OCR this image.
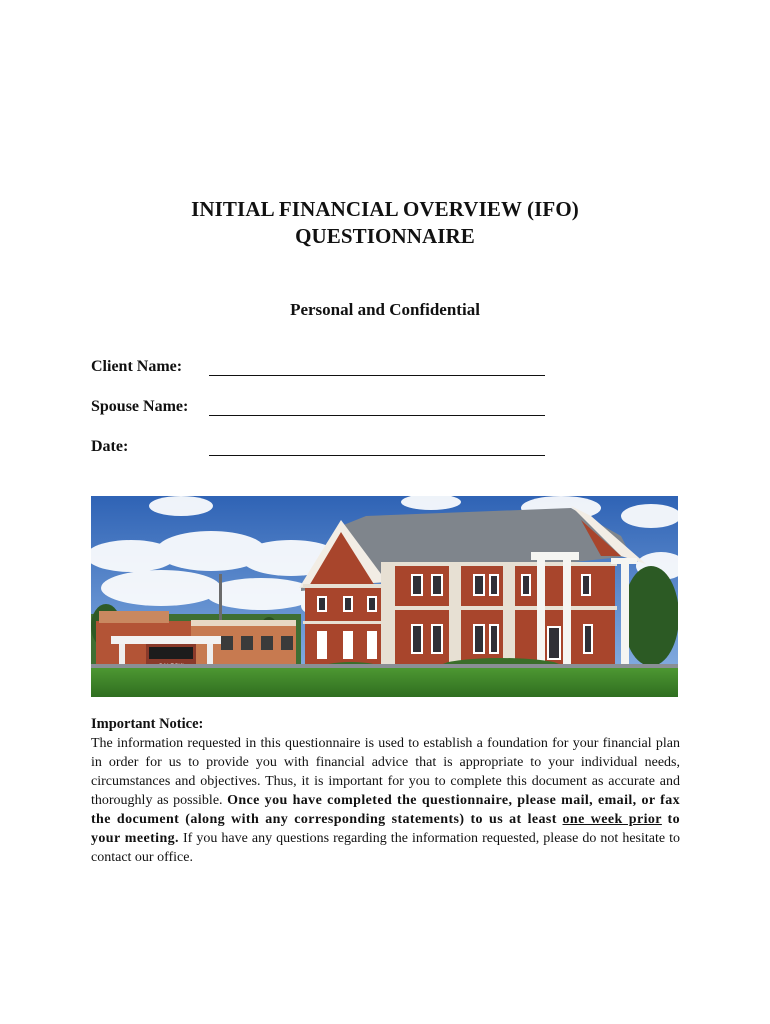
INITIAL FINANCIAL OVERVIEW (IFO)
QUESTIONNAIRE
Personal and Confidential
Client Name:
Spouse Name:
Date:
Important Notice:
The information requested in this questionnaire is used to establish a foundation for your financial plan in order for us to provide you with financial advice that is appropriate to your individual needs, circumstances and objectives. Thus, it is important for you to complete this document as accurate and thoroughly as possible. Once you have completed the questionnaire, please mail, email, or fax the document (along with any corresponding statements) to us at least one week prior to your meeting. If you have any questions regarding the information requested, please do not hesitate to contact our office.
